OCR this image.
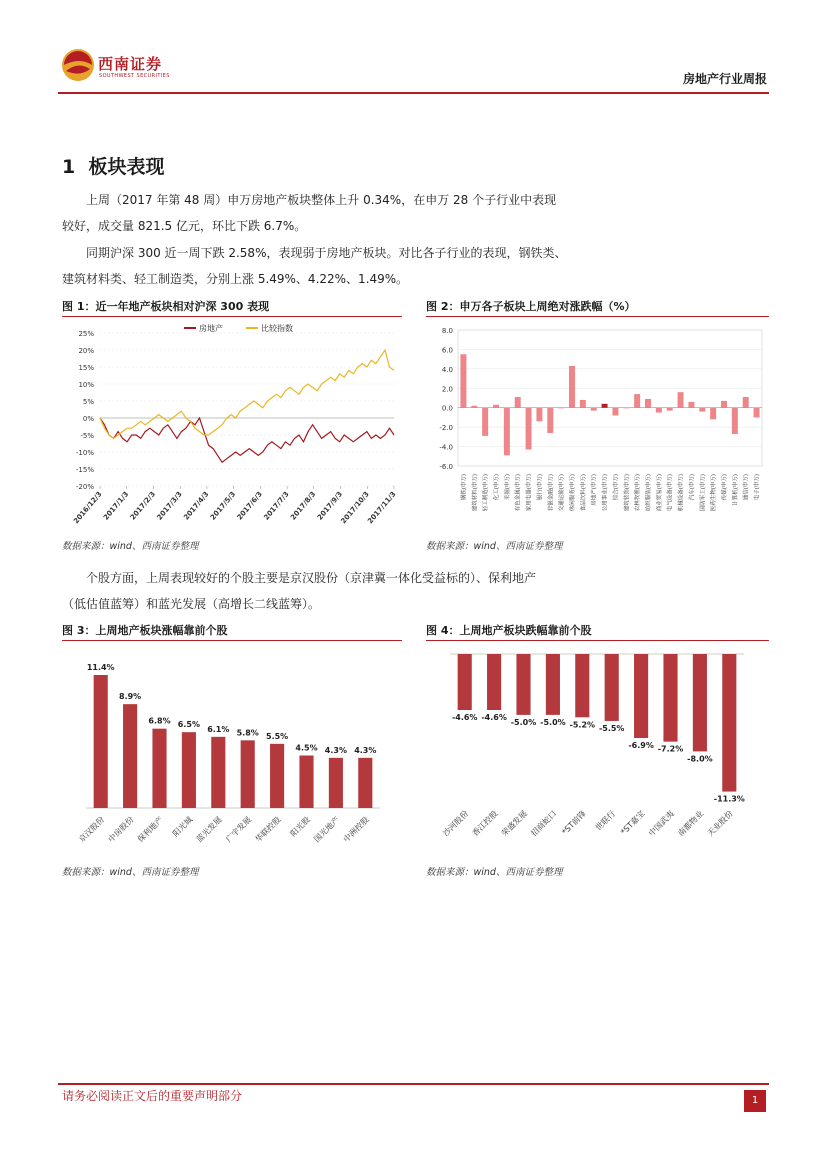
西南证券
SOUTHWEST SECURITIES	房地产行业周报
1 板块表现
上周（2017 年第 48 周）申万房地产板块整体上升 0.34%，在申万 28 个子行业中表现
较好，成交量 821.5 亿元，环比下跌 6.7%。
同期沪深 300 近一周下跌 2.58%，表现弱于房地产板块。对比各子行业的表现，钢铁类、
建筑材料类、轻工制造类，分别上涨 5.49%、4.22%、1.49%。
图 1：近一年地产板块相对沪深 300 表现
25%
20%
15%
10%
5%
0%
-5%
-10%
-15%
-20%
2016/12/3
2017/1/3
2017/2/3
2017/3/3
2017/4/3
2017/5/3
2017/6/3
2017/7/3
2017/8/3
2017/9/3
2017/10/3
2017/11/3
房地产	比较指数
数据来源：wind、西南证券整理
图 2：申万各子板块上周绝对涨跌幅（%）
8.0
6.0
4.0
2.0
0.0
-2.0
-4.0
-6.0
钢铁(申万) 建筑材料(申万) 轻工制造(申万) 化工(申万) 采掘(申万) 有色金属(申万) 家用电器(申万) 银行(申万) 非银金融(申万) 交通运输(申万) 休闲服务(申万) 食品饮料(申万) 房地产(申万) 公用事业(申万) 综合(申万) 建筑装饰(申万) 农林牧渔(申万) 纺织服装(申万) 商业贸易(申万) 电气设备(申万) 机械设备(申万) 汽车(申万) 国防军工(申万) 医药生物(申万) 传媒(申万) 计算机(申万) 通信(申万) 电子(申万)
数据来源：wind、西南证券整理
个股方面，上周表现较好的个股主要是京汉股份（京津冀一体化受益标的）、保利地产
（低估值蓝筹）和蓝光发展（高增长二线蓝筹）。
图 3：上周地产板块涨幅靠前个股
11.4%
京汉股份
8.9%
中房股份
6.8%
保利地产
6.5%
阳光城
6.1%
蓝光发展
5.8%
广宇发展
5.5%
华联控股
4.5%
阳光股
4.3%
国光地产
4.3%
中洲控股
数据来源：wind、西南证券整理
图 4：上周地产板块跌幅靠前个股
-4.6%
沙河股份
-4.6%
香江控股
-5.0%
荣盛发展
-5.0%
招商蛇口
-5.2%
*ST前锋
-5.5%
世联行
-6.9%
*ST嘉宝
-7.2%
中国武夷
-8.0%
南都物业
-11.3%
天业股份
数据来源：wind、西南证券整理
请务必阅读正文后的重要声明部分	1
